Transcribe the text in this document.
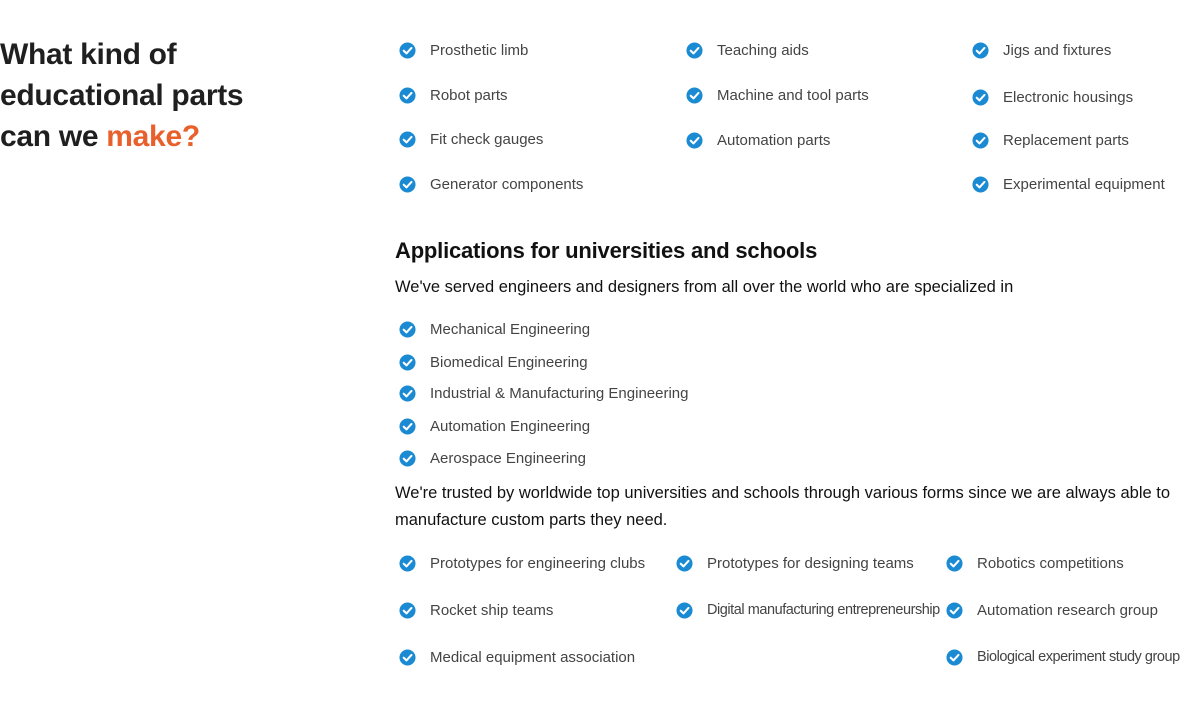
What kind of
educational parts
can we make?
Prosthetic limb
Robot parts
Fit check gauges
Generator components
Teaching aids
Machine and tool parts
Automation parts
Jigs and fixtures
Electronic housings
Replacement parts
Experimental equipment
Applications for universities and schools
We've served engineers and designers from all over the world who are specialized in
Mechanical Engineering
Biomedical Engineering
Industrial & Manufacturing Engineering
Automation Engineering
Aerospace Engineering
We're trusted by worldwide top universities and schools through various forms since we are always able to manufacture custom parts they need.
Prototypes for engineering clubs
Rocket ship teams
Medical equipment association
Prototypes for designing teams
Digital manufacturing entrepreneurship
Robotics competitions
Automation research group
Biological experiment study group
